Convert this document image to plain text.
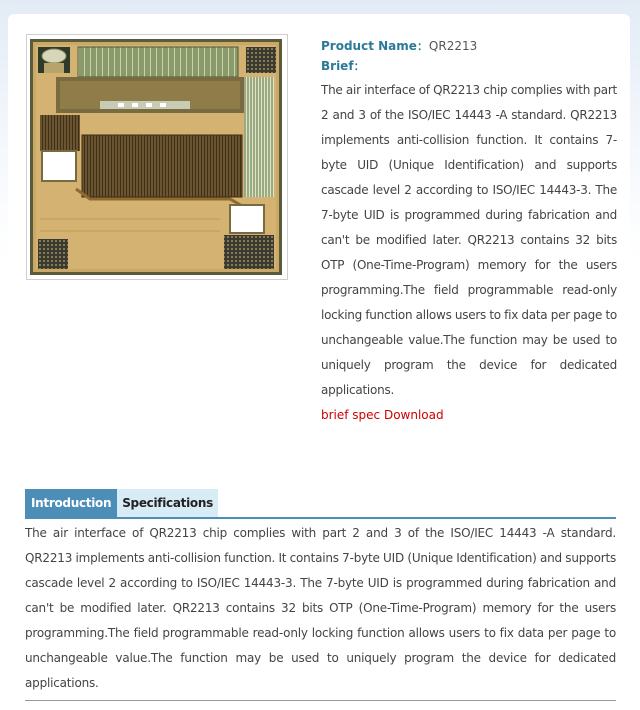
Product Name：QR2213
Brief：

The air interface of QR2213 chip complies with part 2 and 3 of the ISO/IEC 14443 -A standard. QR2213 implements anti-collision function. It contains 7-byte UID (Unique Identification) and supports cascade level 2 according to ISO/IEC 14443-3. The 7-byte UID is programmed during fabrication and can't be modified later. QR2213 contains 32 bits OTP (One-Time-Program) memory for the users programming.The field programmable read-only locking function allows users to fix data per page to unchangeable value.The function may be used to uniquely program the device for dedicated applications.

brief spec Download
Introduction Specifications

The air interface of QR2213 chip complies with part 2 and 3 of the ISO/IEC 14443 -A standard. QR2213 implements anti-collision function. It contains 7-byte UID (Unique Identification) and supports cascade level 2 according to ISO/IEC 14443-3. The 7-byte UID is programmed during fabrication and can't be modified later. QR2213 contains 32 bits OTP (One-Time-Program) memory for the users programming.The field programmable read-only locking function allows users to fix data per page to unchangeable value.The function may be used to uniquely program the device for dedicated applications.
